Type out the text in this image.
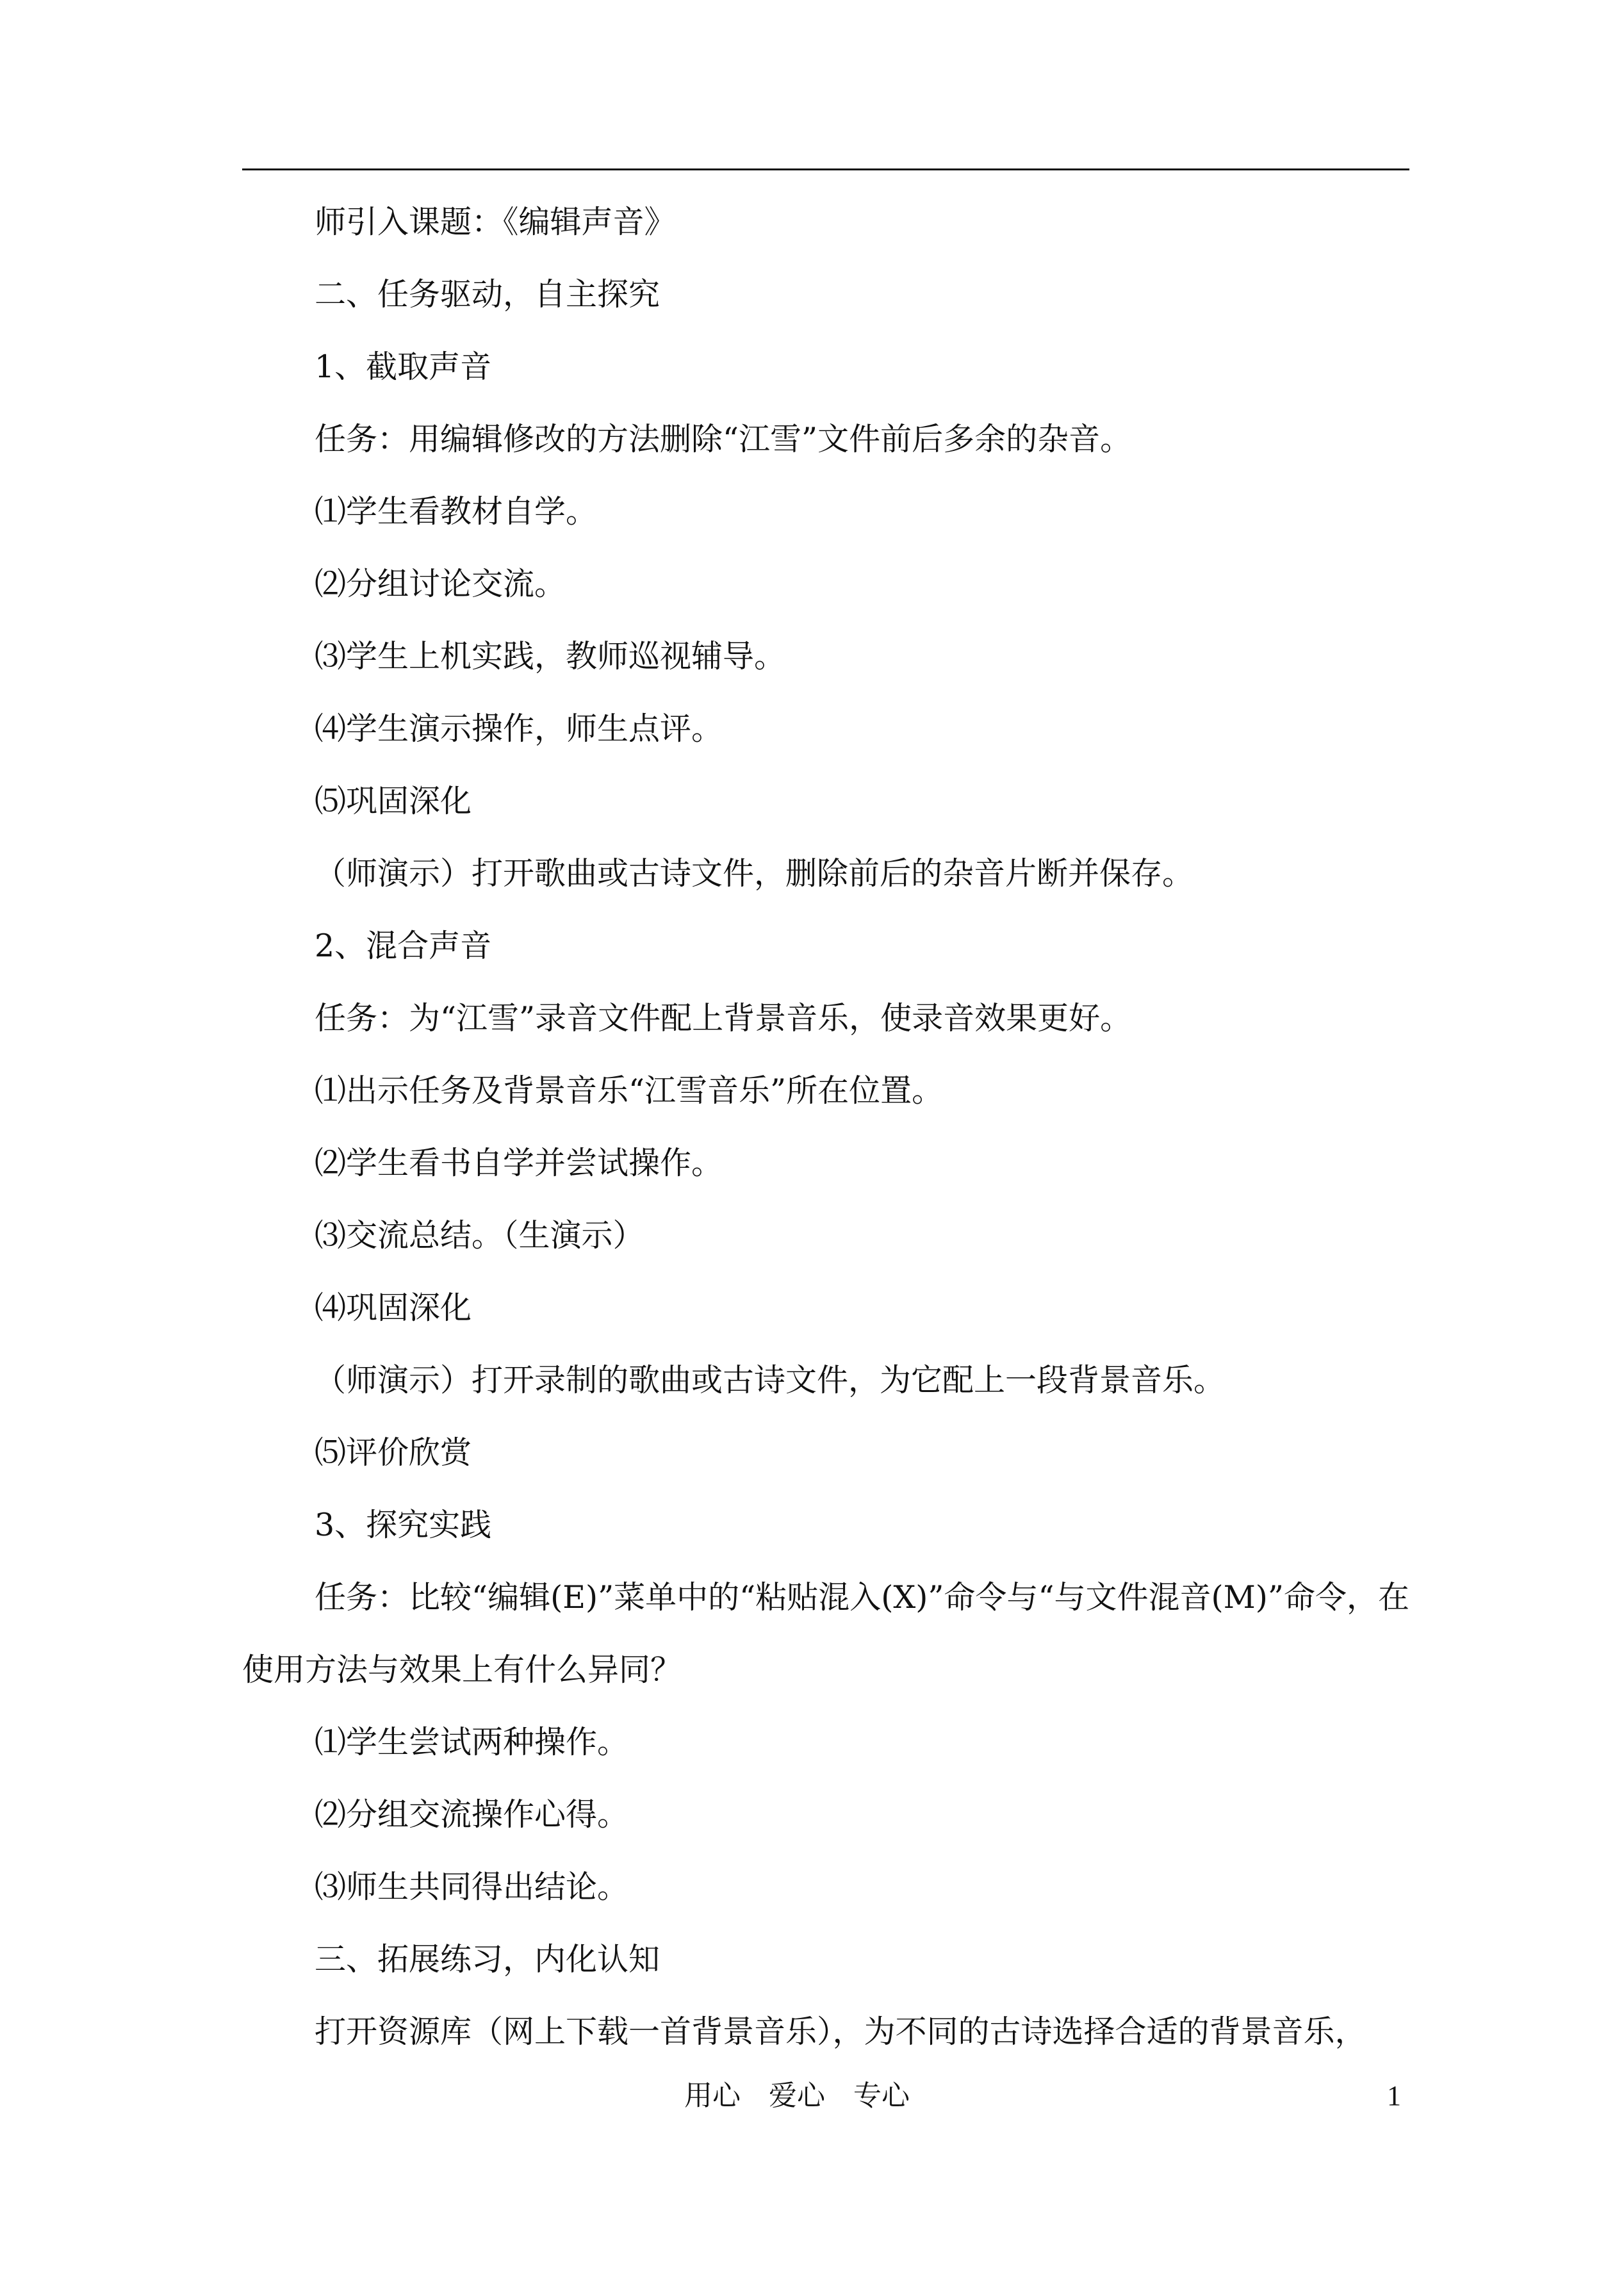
师引入课题：《编辑声音》

二、任务驱动，自主探究

1、截取声音

任务：用编辑修改的方法删除“江雪”文件前后多余的杂音。

⑴学生看教材自学。

⑵分组讨论交流。

⑶学生上机实践，教师巡视辅导。

⑷学生演示操作，师生点评。

⑸巩固深化

（师演示）打开歌曲或古诗文件，删除前后的杂音片断并保存。

2、混合声音

任务：为“江雪”录音文件配上背景音乐，使录音效果更好。

⑴出示任务及背景音乐“江雪音乐”所在位置。

⑵学生看书自学并尝试操作。

⑶交流总结。（生演示）

⑷巩固深化

（师演示）打开录制的歌曲或古诗文件，为它配上一段背景音乐。

⑸评价欣赏

3、探究实践

任务：比较“编辑(E)”菜单中的“粘贴混入(X)”命令与“与文件混音(M)”命令，在使用方法与效果上有什么异同？

⑴学生尝试两种操作。

⑵分组交流操作心得。

⑶师生共同得出结论。

三、拓展练习，内化认知

打开资源库（网上下载一首背景音乐），为不同的古诗选择合适的背景音乐，

用心　爱心　专心	1
